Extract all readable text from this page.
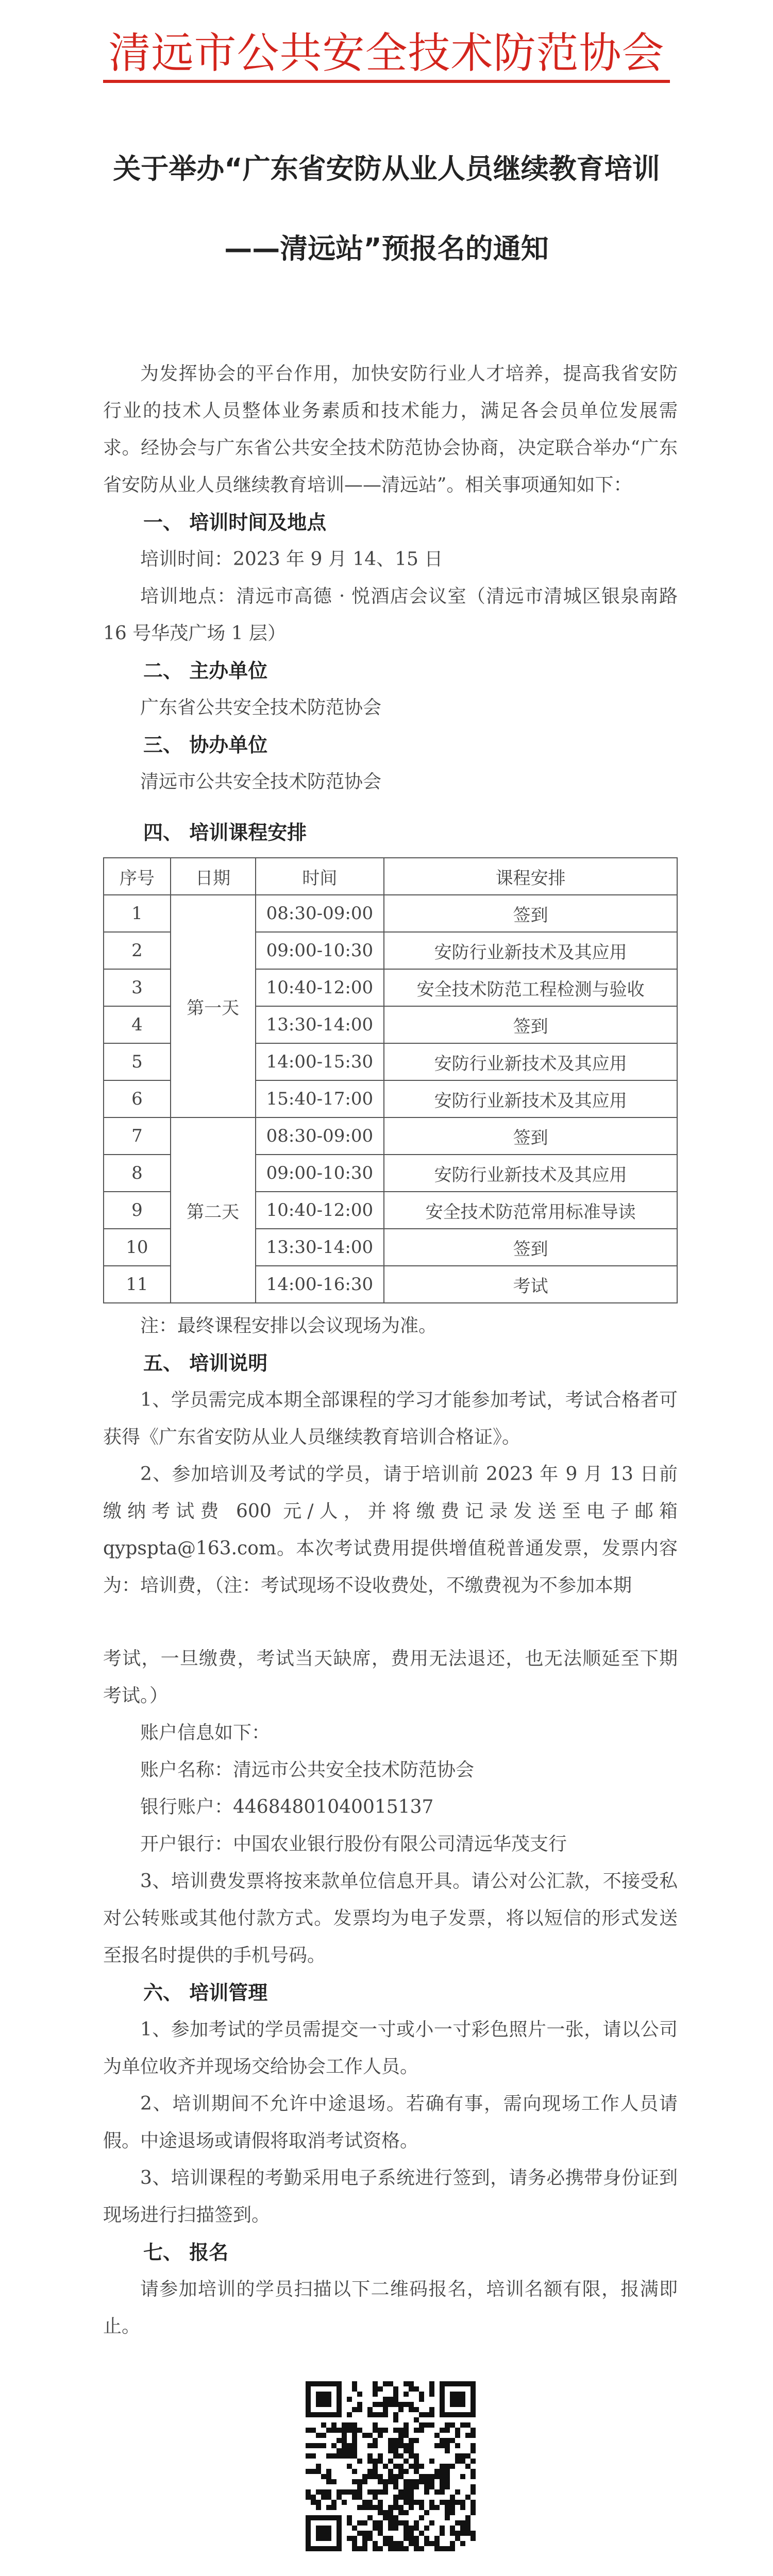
清远市公共安全技术防范协会
关于举办“广东省安防从业人员继续教育培训
——清远站”预报名的通知

为发挥协会的平台作用，加快安防行业人才培养，提高我省安防行业的技术人员整体业务素质和技术能力，满足各会员单位发展需求。经协会与广东省公共安全技术防范协会协商，决定联合举办“广东省安防从业人员继续教育培训——清远站”。相关事项通知如下：

一、 培训时间及地点

培训时间：2023 年 9 月 14、15 日

培训地点：清远市高德 · 悦酒店会议室（清远市清城区银泉南路 16 号华茂广场 1 层）

二、 主办单位

广东省公共安全技术防范协会

三、 协办单位

清远市公共安全技术防范协会

四、 培训课程安排

序号	日期	时间	课程安排
1	第一天	08:30-09:00	签到
2		09:00-10:30	安防行业新技术及其应用
3		10:40-12:00	安全技术防范工程检测与验收
4		13:30-14:00	签到
5		14:00-15:30	安防行业新技术及其应用
6		15:40-17:00	安防行业新技术及其应用
7	第二天	08:30-09:00	签到
8		09:00-10:30	安防行业新技术及其应用
9		10:40-12:00	安全技术防范常用标准导读
10		13:30-14:00	签到
11		14:00-16:30	考试

注：最终课程安排以会议现场为准。

五、 培训说明

1、学员需完成本期全部课程的学习才能参加考试，考试合格者可获得《广东省安防从业人员继续教育培训合格证》。

2、参加培训及考试的学员，请于培训前 2023 年 9 月 13 日前缴纳考试费 600 元/人，并将缴费记录发送至电子邮箱 qypspta@163.com。本次考试费用提供增值税普通发票，发票内容为：培训费，（注：考试现场不设收费处，不缴费视为不参加本期

考试，一旦缴费，考试当天缺席，费用无法退还，也无法顺延至下期考试。）

账户信息如下：

账户名称：清远市公共安全技术防范协会

银行账户：44684801040015137

开户银行：中国农业银行股份有限公司清远华茂支行

3、培训费发票将按来款单位信息开具。请公对公汇款，不接受私对公转账或其他付款方式。发票均为电子发票，将以短信的形式发送至报名时提供的手机号码。

六、 培训管理

1、参加考试的学员需提交一寸或小一寸彩色照片一张，请以公司为单位收齐并现场交给协会工作人员。

2、培训期间不允许中途退场。若确有事，需向现场工作人员请假。中途退场或请假将取消考试资格。

3、培训课程的考勤采用电子系统进行签到，请务必携带身份证到现场进行扫描签到。

七、 报名

请参加培训的学员扫描以下二维码报名，培训名额有限，报满即止。
